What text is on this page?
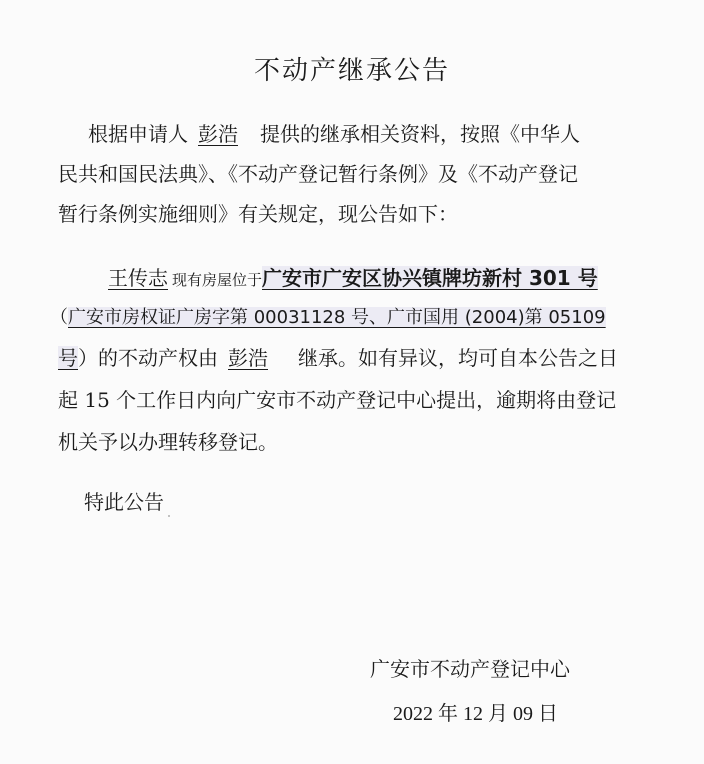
不动产继承公告
根据申请人 彭浩 提供的继承相关资料，按照《中华人
民共和国民法典》、《不动产登记暂行条例》及《不动产登记
暂行条例实施细则》有关规定，现公告如下：
王传志 现有房屋位于广安市广安区协兴镇牌坊新村 301 号
（广安市房权证广房字第 00031128 号、广市国用 (2004)第 05109
号）的不动产权由 彭浩 继承。如有异议，均可自本公告之日
起 15 个工作日内向广安市不动产登记中心提出，逾期将由登记
机关予以办理转移登记。
特此公告
广安市不动产登记中心
2022 年 12 月 09 日
